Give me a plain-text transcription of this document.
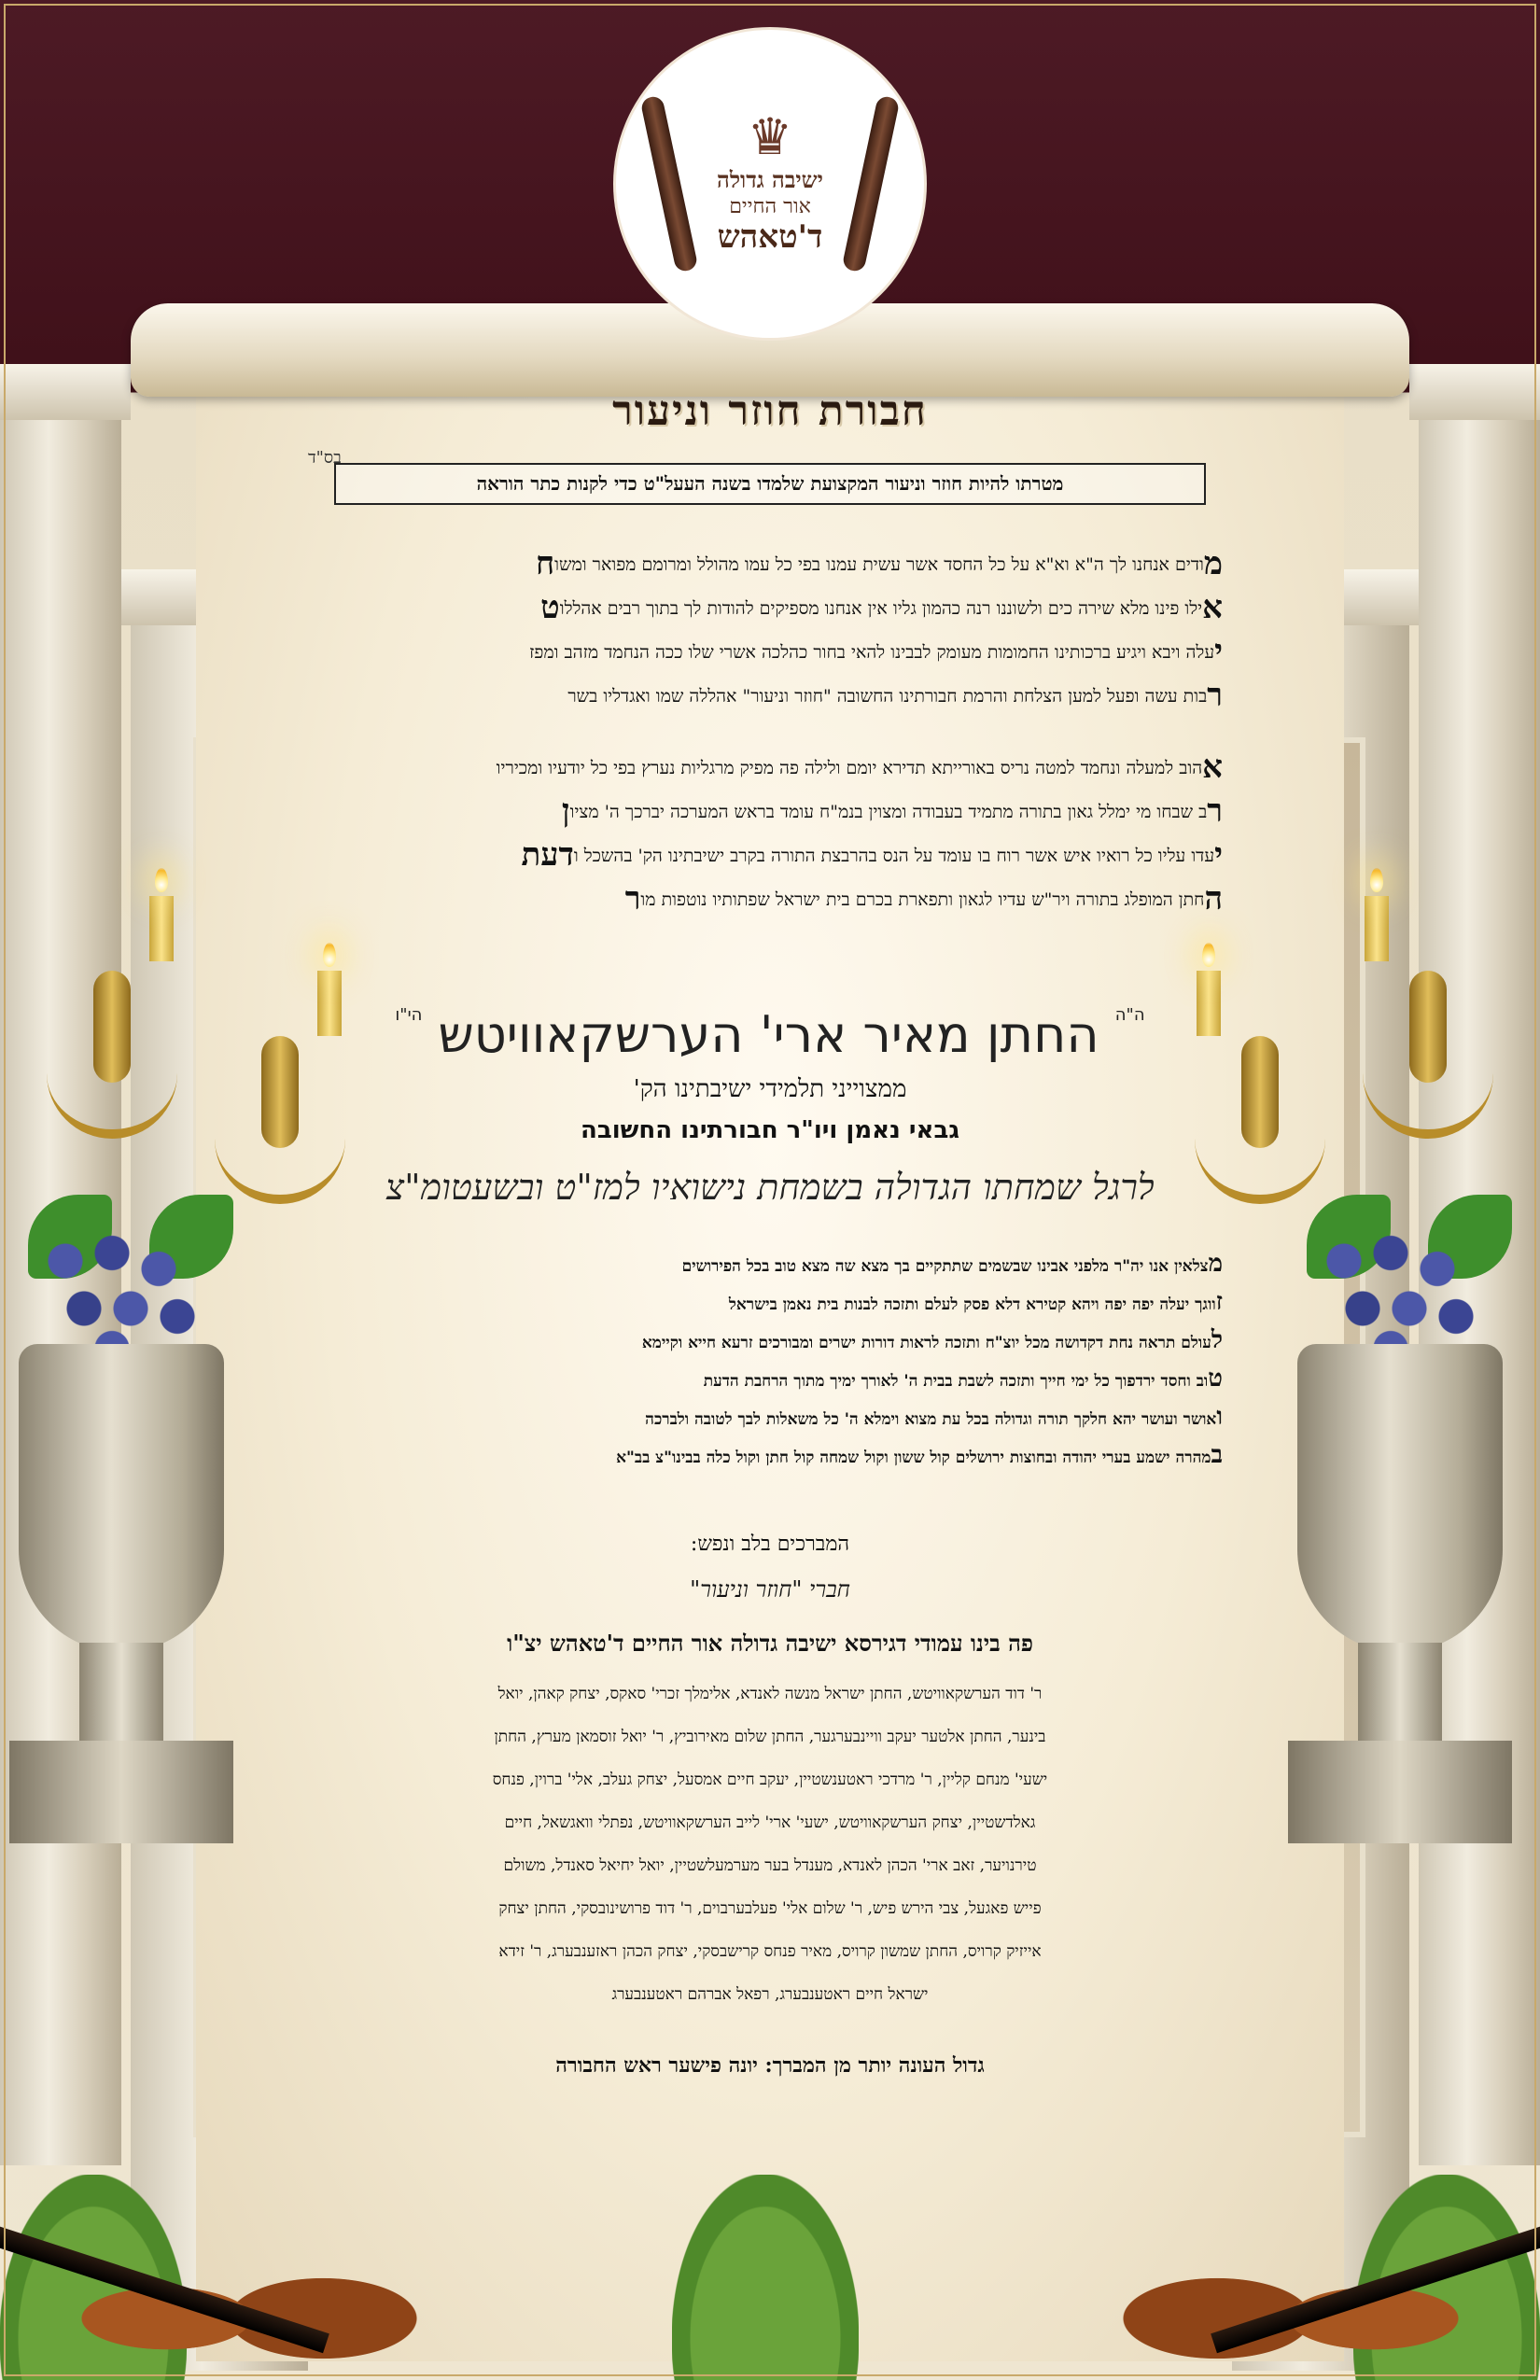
♛
ישיבה גדולה
אור החיים
ד'טאהש
חבורת חוזר וניעור
בס"ד
מטרתו להיות חוזר וניעור המקצועת שלמדו בשנה העעל"ט כדי לקנות כתר הוראה
מודים אנחנו לך ה"א וא"א על כל החסד אשר עשית עמנו בפי כל עמו מהולל ומרומם מפואר ומשוח
אילו פינו מלא שירה כים ולשוננו רנה כהמון גליו אין אנחנו מספיקים להודות לך בתוך רבים אהללוט
יעלה ויבא ויגיע ברכותינו החמומות מעומק לבבינו להאי בחור כהלכה אשרי שלו ככה הנחמד מזהב ומפז
רבות עשה ופעל למען הצלחת והרמת חבורתינו החשובה "חוזר וניעור" אהללה שמו ואגדליו בשר
אהוב למעלה ונחמד למטה נריס באורייתא תדירא יומם ולילה פה מפיק מרגליות נערץ בפי כל יודעיו ומכיריו
רב שבחו מי ימלל גאון בתורה מתמיד בעבודה ומצוין בנמ"ח עומד בראש המערכה יברכך ה' מציון
יעדו עליו כל רואיו איש אשר רוח בו עומד על הנס בהרבצת התורה בקרב ישיבתינו הק' בהשכל ודעת
החתן המופלג בתורה ויר"ש עדיו לגאון ותפארת בכרם בית ישראל שפתותיו נוטפות מור
$^{ה"ה}$ החתן מאיר ארי' הערשקאוויטש $^{הי"ו}$
ממצוייני תלמידי ישיבתינו הק'
גבאי נאמן ויו"ר חבורתינו החשובה
לרגל שמחתו הגדולה בשמחת נישואיו למז"ט ובשעטומ"צ
מצלאין אנו יה"ר מלפני אבינו שבשמים שתתקיים בך מצא שה מצא טוב בכל הפירושים
זווגך יעלה יפה יפה ויהא קטירא דלא פסק לעלם ותזכה לבנות בית נאמן בישראל
לעולם תראה נחת דקדושה מכל יוצ"ח ותזכה לראות דורות ישרים ומבורכים זרעא חייא וקיימא
טוב וחסד ירדפוך כל ימי חייך ותזכה לשבת בבית ה' לאורך ימיך מתוך הרחבת הדעת
ואושר ועושר יהא חלקך תורה וגדולה בכל עת מצוא וימלא ה' כל משאלות לבך לטובה ולברכה
במהרה ישמע בערי יהודה ובחוצות ירושלים קול ששון וקול שמחה קול חתן וקול כלה בבינו"צ בב"א
המברכים בלב ונפש:
חברי "חוזר וניעור"
פה בינו עמודי דגירסא ישיבה גדולה אור החיים ד'טאהש יצ"ו
ר' דוד הערשקאוויטש, החתן ישראל מנשה לאנדא, אלימלך זכרי' סאקס, יצחק קאהן, יואל
בינער, החתן אלטער יעקב וויינבערגער, החתן שלום מאירוביץ, ר' יואל זוסמאן מערץ, החתן
ישעי' מנחם קליין, ר' מרדכי ראטענשטיין, יעקב חיים אמסעל, יצחק געלב, אלי' ברוין, פנחס
גאלדשטיין, יצחק הערשקאוויטש, ישעי' ארי' לייב הערשקאוויטש, נפתלי וואגשאל, חיים
טירנויער, זאב ארי' הכהן לאנדא, מענדל בער מערמעלשטיין, יואל יחיאל סאנדל, משולם
פייש פאגעל, צבי הירש פיש, ר' שלום אלי' פעלבערבוים, ר' דוד פרושינובסקי, החתן יצחק
אייזיק קרויס, החתן שמשון קרויס, מאיר פנחס קרישבסקי, יצחק הכהן ראזענבערג, ר' זידא
ישראל חיים ראטענבערג, רפאל אברהם ראטענבערג
גדול העונה יותר מן המברך: יונה פישער ראש החבורה
